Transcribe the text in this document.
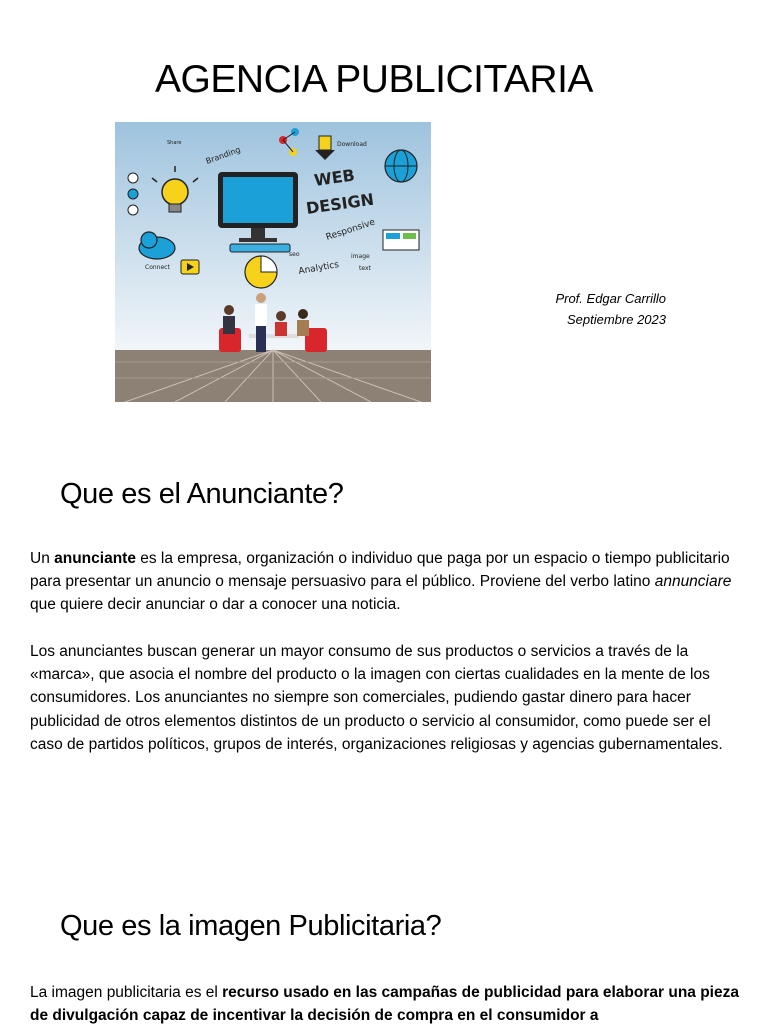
AGENCIA PUBLICITARIA
WEB
DESIGN
Responsive
Branding
Analytics
Connect
Download
image
text
seo
Share
Prof. Edgar Carrillo
Septiembre 2023
Que es el Anunciante?

Un anunciante es la empresa, organización o individuo que paga por un espacio o tiempo publicitario para presentar un anuncio o mensaje persuasivo para el público. Proviene del verbo latino annunciare que quiere decir anunciar o dar a conocer una noticia.

Los anunciantes buscan generar un mayor consumo de sus productos o servicios a través de la «marca», que asocia el nombre del producto o la imagen con ciertas cualidades en la mente de los consumidores. Los anunciantes no siempre son comerciales, pudiendo gastar dinero para hacer publicidad de otros elementos distintos de un producto o servicio al consumidor, como puede ser el caso de partidos políticos, grupos de interés, organizaciones religiosas y agencias gubernamentales.

Que es la imagen Publicitaria?

La imagen publicitaria es el recurso usado en las campañas de publicidad para elaborar una pieza de divulgación capaz de incentivar la decisión de compra en el consumidor a
